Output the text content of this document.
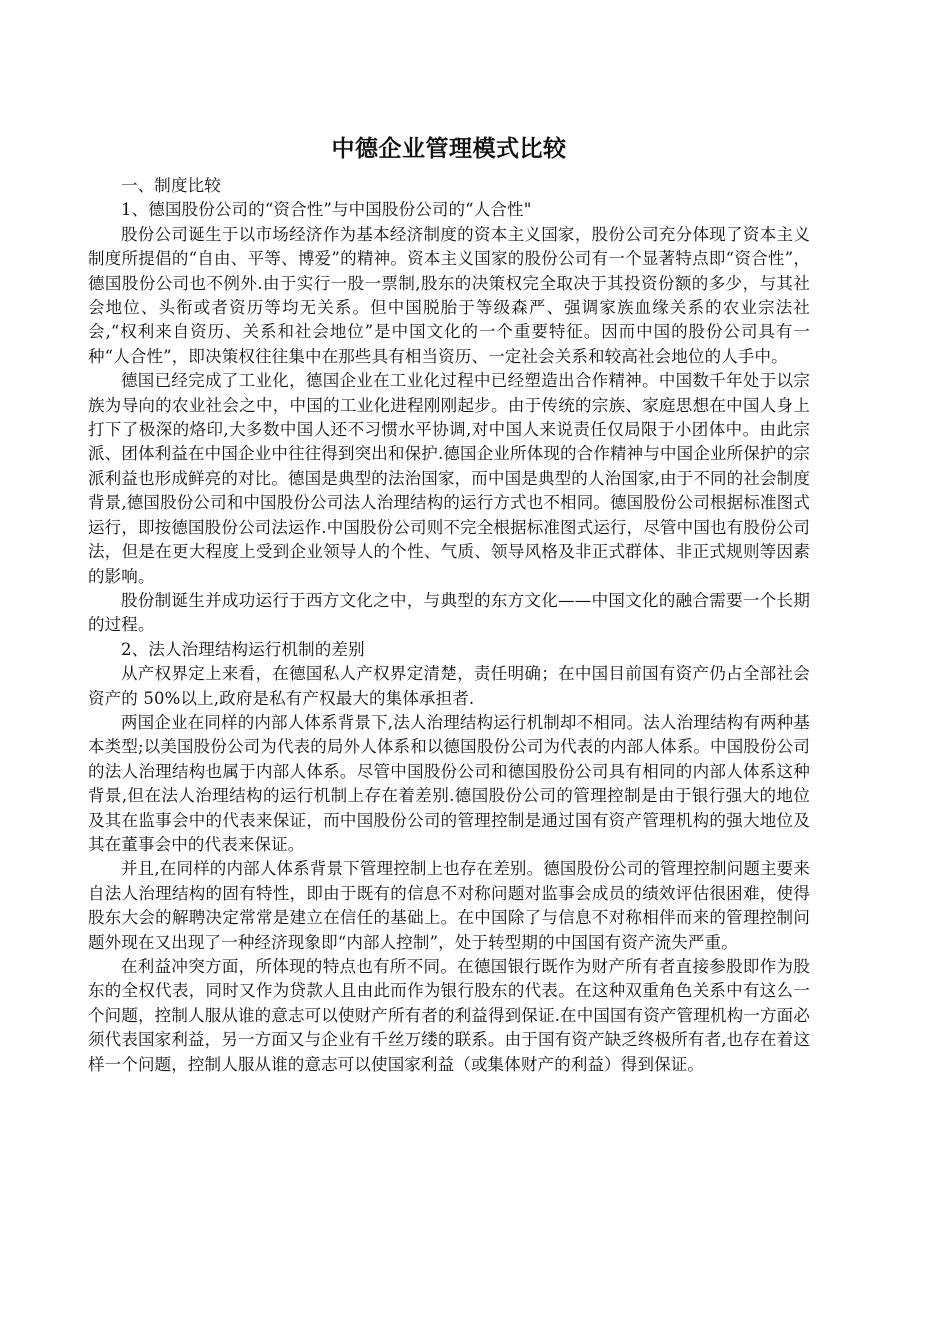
中德企业管理模式比较

一、制度比较

1、德国股份公司的“资合性”与中国股份公司的“人合性"

股份公司诞生于以市场经济作为基本经济制度的资本主义国家，股份公司充分体现了资本主义制度所提倡的“自由、平等、博爱”的精神。资本主义国家的股份公司有一个显著特点即“资合性”，德国股份公司也不例外.由于实行一股一票制,股东的决策权完全取决于其投资份额的多少，与其社会地位、头衔或者资历等均无关系。但中国脱胎于等级森严、强调家族血缘关系的农业宗法社会,“权利来自资历、关系和社会地位”是中国文化的一个重要特征。因而中国的股份公司具有一种“人合性”，即决策权往往集中在那些具有相当资历、一定社会关系和较高社会地位的人手中。

德国已经完成了工业化，德国企业在工业化过程中已经塑造出合作精神。中国数千年处于以宗族为导向的农业社会之中，中国的工业化进程刚刚起步。由于传统的宗族、家庭思想在中国人身上打下了极深的烙印,大多数中国人还不习惯水平协调,对中国人来说责任仅局限于小团体中。由此宗派、团体利益在中国企业中往往得到突出和保护.德国企业所体现的合作精神与中国企业所保护的宗派利益也形成鲜亮的对比。德国是典型的法治国家，而中国是典型的人治国家,由于不同的社会制度背景,德国股份公司和中国股份公司法人治理结构的运行方式也不相同。德国股份公司根据标准图式运行，即按德国股份公司法运作.中国股份公司则不完全根据标准图式运行，尽管中国也有股份公司法，但是在更大程度上受到企业领导人的个性、气质、领导风格及非正式群体、非正式规则等因素的影响。

股份制诞生并成功运行于西方文化之中，与典型的东方文化——中国文化的融合需要一个长期的过程。

2、法人治理结构运行机制的差别

从产权界定上来看，在德国私人产权界定清楚，责任明确；在中国目前国有资产仍占全部社会资产的 50%以上,政府是私有产权最大的集体承担者.

两国企业在同样的内部人体系背景下,法人治理结构运行机制却不相同。法人治理结构有两种基本类型;以美国股份公司为代表的局外人体系和以德国股份公司为代表的内部人体系。中国股份公司的法人治理结构也属于内部人体系。尽管中国股份公司和德国股份公司具有相同的内部人体系这种背景,但在法人治理结构的运行机制上存在着差别.德国股份公司的管理控制是由于银行强大的地位及其在监事会中的代表来保证，而中国股份公司的管理控制是通过国有资产管理机构的强大地位及其在董事会中的代表来保证。

并且,在同样的内部人体系背景下管理控制上也存在差别。德国股份公司的管理控制问题主要来自法人治理结构的固有特性，即由于既有的信息不对称问题对监事会成员的绩效评估很困难，使得股东大会的解聘决定常常是建立在信任的基础上。在中国除了与信息不对称相伴而来的管理控制问题外现在又出现了一种经济现象即“内部人控制”，处于转型期的中国国有资产流失严重。

在利益冲突方面，所体现的特点也有所不同。在德国银行既作为财产所有者直接参股即作为股东的全权代表，同时又作为贷款人且由此而作为银行股东的代表。在这种双重角色关系中有这么一个问题，控制人服从谁的意志可以使财产所有者的利益得到保证.在中国国有资产管理机构一方面必须代表国家利益，另一方面又与企业有千丝万缕的联系。由于国有资产缺乏终极所有者,也存在着这样一个问题，控制人服从谁的意志可以使国家利益（或集体财产的利益）得到保证。
